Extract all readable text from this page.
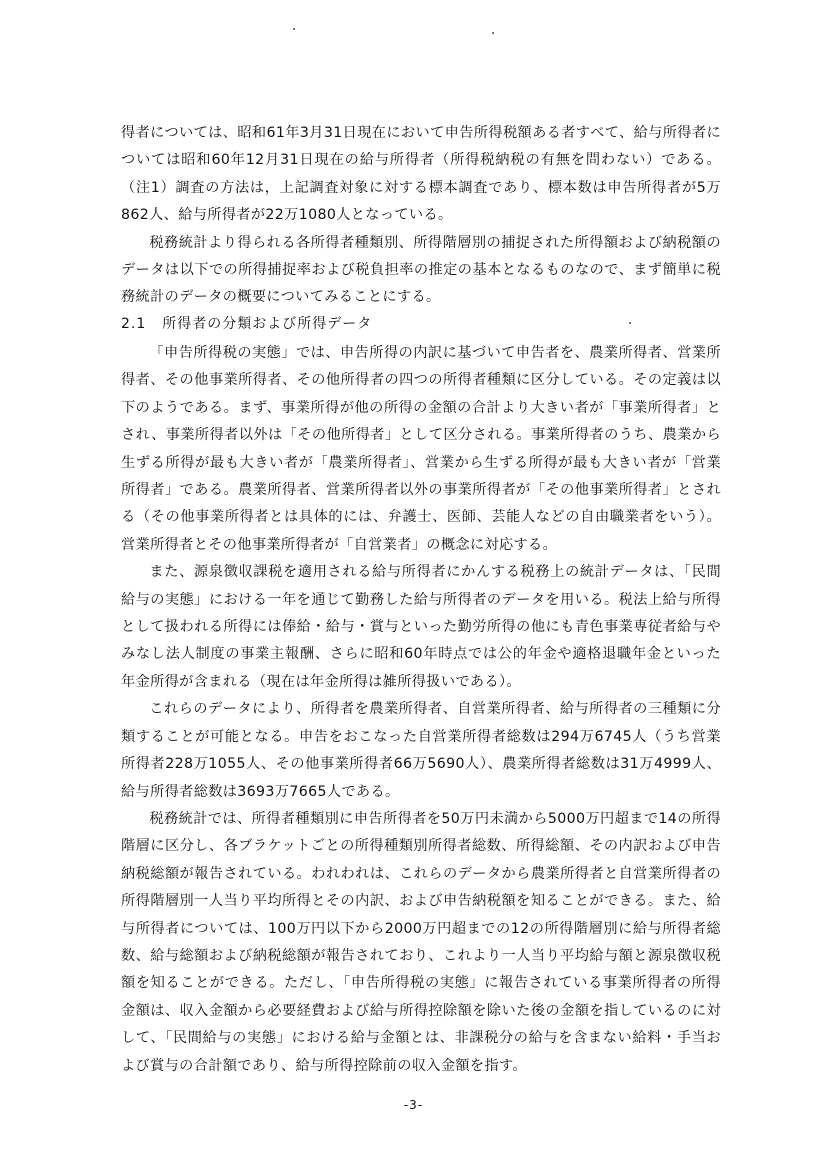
得者については、昭和61年3月31日現在において申告所得税額ある者すべて、給与所得者については昭和60年12月31日現在の給与所得者（所得税納税の有無を問わない）である。（注1）調査の方法は，上記調査対象に対する標本調査であり、標本数は申告所得者が5万862人、給与所得者が22万1080人となっている。

税務統計より得られる各所得者種類別、所得階層別の捕捉された所得額および納税額のデータは以下での所得捕捉率および税負担率の推定の基本となるものなので、まず簡単に税務統計のデータの概要についてみることにする。

2.1 所得者の分類および所得データ

「申告所得税の実態」では、申告所得の内訳に基づいて申告者を、農業所得者、営業所得者、その他事業所得者、その他所得者の四つの所得者種類に区分している。その定義は以下のようである。まず、事業所得が他の所得の金額の合計より大きい者が「事業所得者」とされ、事業所得者以外は「その他所得者」として区分される。事業所得者のうち、農業から生ずる所得が最も大きい者が「農業所得者」、営業から生ずる所得が最も大きい者が「営業所得者」である。農業所得者、営業所得者以外の事業所得者が「その他事業所得者」とされる（その他事業所得者とは具体的には、弁護士、医師、芸能人などの自由職業者をいう）。営業所得者とその他事業所得者が「自営業者」の概念に対応する。

また、源泉徴収課税を適用される給与所得者にかんする税務上の統計データは、「民間給与の実態」における一年を通じて勤務した給与所得者のデータを用いる。税法上給与所得として扱われる所得には俸給・給与・賞与といった勤労所得の他にも青色事業専従者給与やみなし法人制度の事業主報酬、さらに昭和60年時点では公的年金や適格退職年金といった年金所得が含まれる（現在は年金所得は雑所得扱いである）。

これらのデータにより、所得者を農業所得者、自営業所得者、給与所得者の三種類に分類することが可能となる。申告をおこなった自営業所得者総数は294万6745人（うち営業所得者228万1055人、その他事業所得者66万5690人）、農業所得者総数は31万4999人、給与所得者総数は3693万7665人である。

税務統計では、所得者種類別に申告所得者を50万円未満から5000万円超まで14の所得階層に区分し、各ブラケットごとの所得種類別所得者総数、所得総額、その内訳および申告納税総額が報告されている。われわれは、これらのデータから農業所得者と自営業所得者の所得階層別一人当り平均所得とその内訳、および申告納税額を知ることができる。また、給与所得者については、100万円以下から2000万円超までの12の所得階層別に給与所得者総数、給与総額および納税総額が報告されており、これより一人当り平均給与額と源泉徴収税額を知ることができる。ただし、「申告所得税の実態」に報告されている事業所得者の所得金額は、収入金額から必要経費および給与所得控除額を除いた後の金額を指しているのに対して、「民間給与の実態」における給与金額とは、非課税分の給与を含まない給料・手当および賞与の合計額であり、給与所得控除前の収入金額を指す。

-3-
